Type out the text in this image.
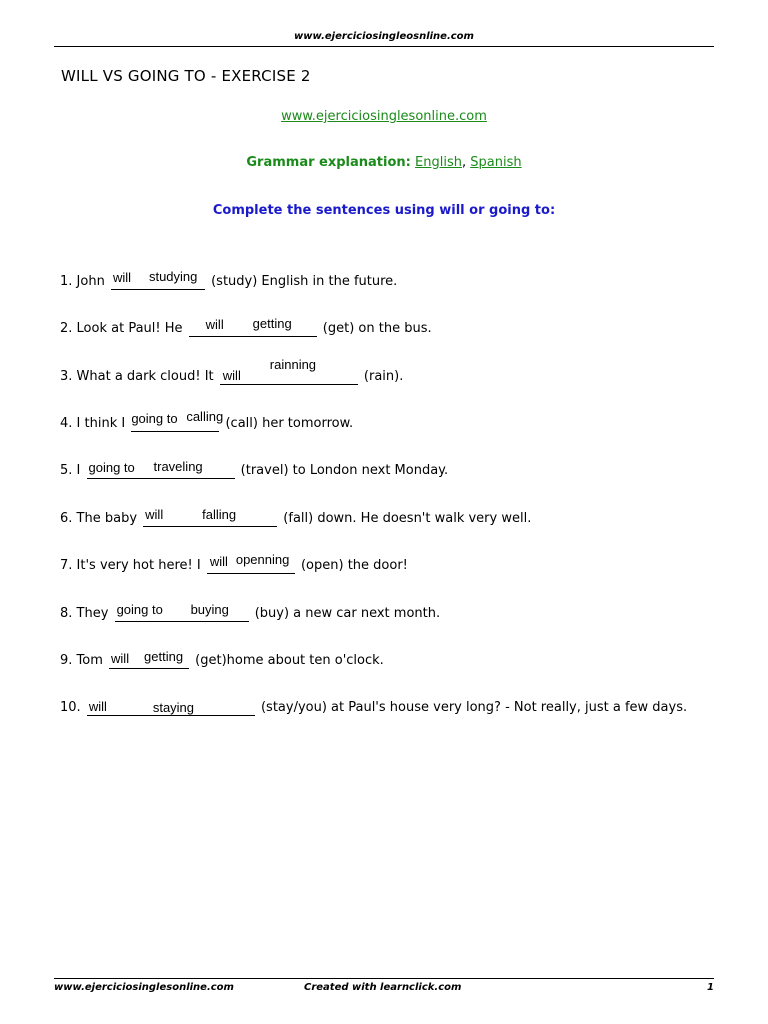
www.ejerciciosingleosnline.com
WILL VS GOING TO - EXERCISE 2
www.ejerciciosinglesonline.com
Grammar explanation: English, Spanish
Complete the sentences using will or going to:
1. John will studying (study) English in the future.
2. Look at Paul! He will getting (get) on the bus.
3. What a dark cloud! It will
rainning
(rain).
4. I think I going to calling (call) her tomorrow.
5. I going to traveling	(travel) to London next Monday.
6. The baby will	falling	(fall) down. He doesn't walk very well.
7. It's very hot here! I will openning (open) the door!
8. They going to buying (buy) a new car next month.
9. Tom will getting (get)home about ten o'clock.
10. will	staying	(stay/you) at Paul's house very long? - Not really, just a few days.
www.ejerciciosinglesonline.com	Created with learnclick.com	1
